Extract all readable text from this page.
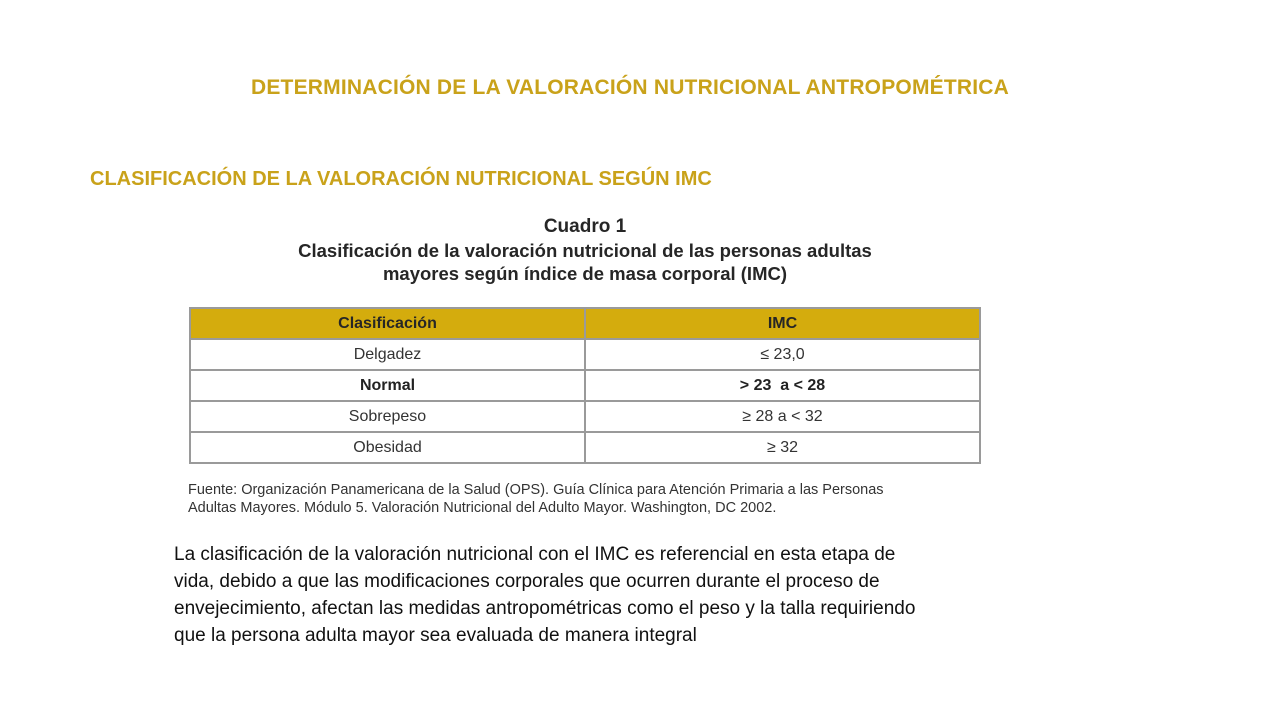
DETERMINACIÓN DE LA VALORACIÓN NUTRICIONAL ANTROPOMÉTRICA
CLASIFICACIÓN DE LA VALORACIÓN NUTRICIONAL SEGÚN IMC
Cuadro 1
Clasificación de la valoración nutricional de las personas adultas
mayores según índice de masa corporal (IMC)
Clasificación	IMC
Delgadez	≤ 23,0
Normal	> 23  a < 28
Sobrepeso	≥ 28 a < 32
Obesidad	≥ 32
Fuente: Organización Panamericana de la Salud (OPS). Guía Clínica para Atención Primaria a las Personas
Adultas Mayores. Módulo 5. Valoración Nutricional del Adulto Mayor. Washington, DC 2002.
La clasificación de la valoración nutricional con el IMC es referencial en esta etapa de
vida, debido a que las modificaciones corporales que ocurren durante el proceso de
envejecimiento, afectan las medidas antropométricas como el peso y la talla requiriendo
que la persona adulta mayor sea evaluada de manera integral
